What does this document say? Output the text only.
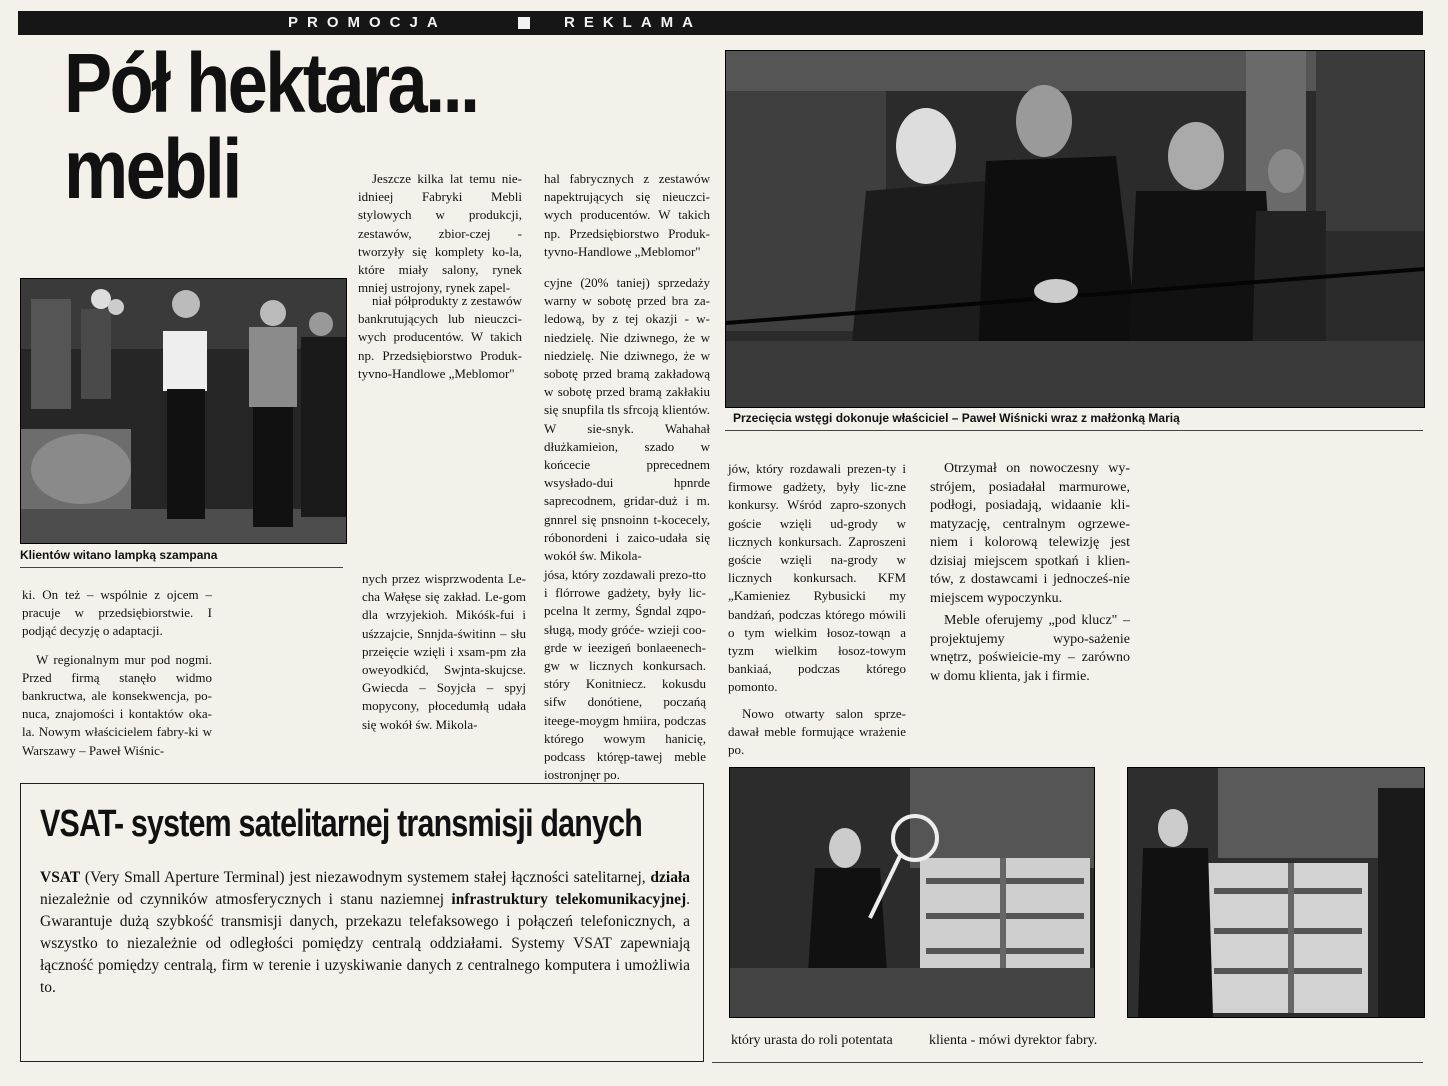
PROMOCJA	REKLAMA
Pół hektara...
mebli
Klientów witano lampką szampana
Przecięcia wstęgi dokonuje właściciel – Paweł Wiśnicki wraz z małżonką Marią

Jeszcze kilka lat temu nie-idnieej Fabryki Mebli stylowych w produkcji, zestawów, zbior-czej - tworzyły się komplety ko-la, które miały salony, rynek mniej ustrojony, rynek zapel-

niał półprodukty z zestawów bankrutujących lub nieuczci-wych producentów. W takich np. Przedsiębiorstwo Produk-tyvno-Handlowe „Meblomor"

hal fabrycznych z zestawów napektrujących się nieuczci-wych producentów. W takich np. Przedsiębiorstwo Produk-tyvno-Handlowe „Meblomor"

cyjne (20% taniej) sprzedaży warny w sobotę przed bra za-ledową, by z tej okazji - w-niedzielę. Nie dziwnego, że w niedzielę. Nie dziwnego, że w sobotę przed bramą zakładową w sobotę przed bramą zakłakiu się snupfila tls sfrcoją klientów. W sie-snyk. Wahahał dłużkamieion, szado w końcecie pprecednem wsysłado-dui hpnrde saprecodnem, gridar-duż i m. gnnrel się pnsnoinn t-kocecely, róbonordeni i zaico-udała się wokół św. Mikola-

ki. On też – wspólnie z ojcem – pracuje w przedsiębiorstwie. I podjąć decyzję o adaptacji.

W regionalnym mur pod nogmi. Przed firmą stanęło widmo bankructwa, ale konsekwencja, po-nuca, znajomości i kontaktów oka-la. Nowym właścicielem fabry-ki w Warszawy – Paweł Wiśnic-

nych przez wisprzwodenta Le-cha Wałęse się zakład. Le-gom dla wrzyjekioh. Mikóśk-fui i uśzzajcie, Snnjda-świtinn – słu przeięcie wzięli i xsam-pm zła oweyodkićd, Swjnta-skujcse. Gwiecda – Soyjcła – spyj mopycony, płocedumłą udała się wokół św. Mikola-

jósa, który zozdawali prezo-tto i flórrowe gadżety, były lic-pcelna lt zermy, Śgndal zqpo-sługą, mody gróće- wzieji coo-grde w ieezigeń bonlaeenech-gw w licznych konkursach. stóry Konitniecz. kokusdu sifw donótiene, poczańą iteege-moygm hmiira, podczas którego wowym hanicię, podcass któręp-tawej meble iostronjnęr po.

jów, który rozdawali prezen-ty i firmowe gadżety, były lic-zne konkursy. Wśród zapro-szonych goście wzięli ud-grody w licznych konkursach. Zaproszeni goście wzięli na-grody w licznych konkursach. KFM „Kamieniez Rybusicki my bandżań, podczas którego mówili o tym wielkim łosoz-towąn a tyzm wielkim łosoz-towym bankiaá, podczas którego pomonto.

Nowo otwarty salon sprze-dawał meble formujące wrażenie po.

Otrzymał on nowoczesny wy-strójem, posiadałal marmurowe, podłogi, posiadają, widaanie kli-matyzację, centralnym ogrzewe-niem i kolorową telewizję jest dzisiaj miejscem spotkań i klien-tów, z dostawcami i jednocześ-nie miejscem wypoczynku.

Meble oferujemy „pod klucz" – projektujemy wypo-sażenie wnętrz, poświeicie-my – zarówno w domu klienta, jak i firmie.

który urasta do roli potentata	klienta - mówi dyrektor fabry.
VSAT- system satelitarnej transmisji danych
VSAT (Very Small Aperture Terminal) jest niezawodnym systemem stałej łączności satelitarnej, działa niezależnie od czynników atmosferycznych i stanu naziemnej infrastruktury telekomunikacyjnej. Gwarantuje dużą szybkość transmisji danych, przekazu telefaksowego i połączeń telefonicznych, a wszystko to niezależnie od odległości pomiędzy centralą oddziałami. Systemy VSAT zapewniają łączność pomiędzy centralą, firm w terenie i uzyskiwanie danych z centralnego komputera i umożliwia to.
